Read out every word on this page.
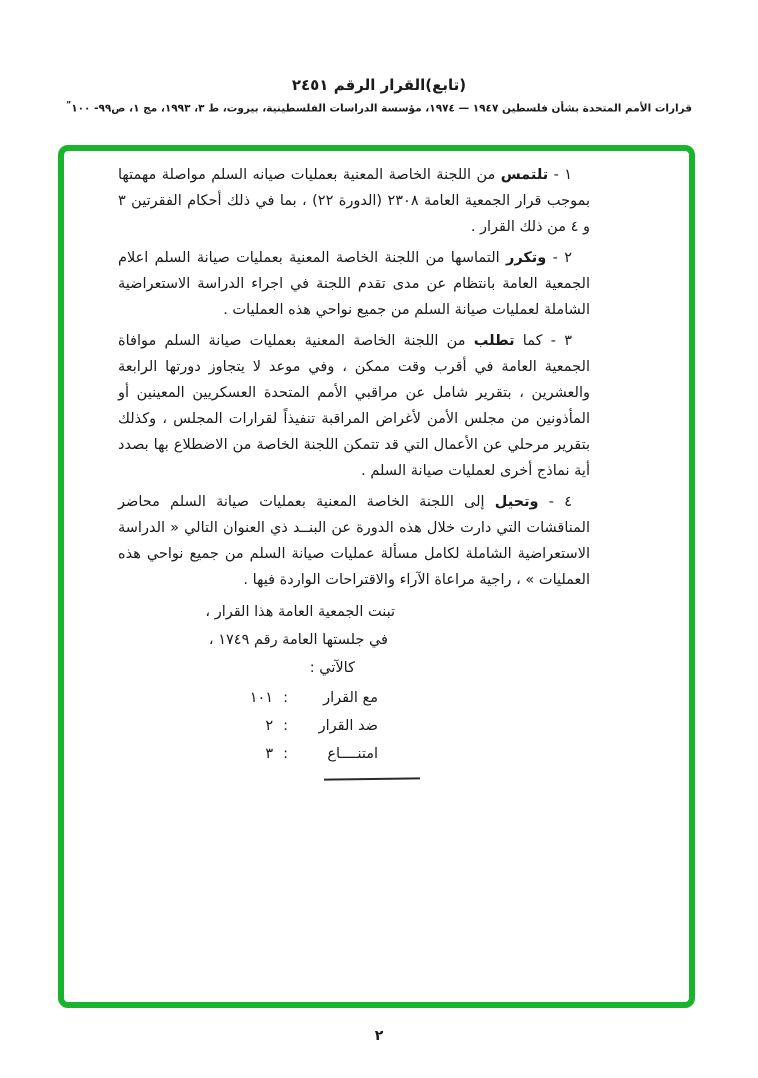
(تابع)القرار الرقم ٢٤٥١
قرارات الأمم المتحدة بشأن فلسطين ١٩٤٧ — ١٩٧٤، مؤسسة الدراسات الفلسطينية، بيروت، ط ٣، ١٩٩٣، مج ١، ص٩٩- ١٠٠”

١ - تلتمس من اللجنة الخاصة المعنية بعمليات صيانه السلم مواصلة مهمتها بموجب قرار الجمعية العامة ٢٣٠٨ (الدورة ٢٢) ، بما في ذلك أحكام الفقرتين ٣ و ٤ من ذلك القرار .

٢ - وتكرر التماسها من اللجنة الخاصة المعنية بعمليات صيانة السلم اعلام الجمعية العامة بانتظام عن مدى تقدم اللجنة في اجراء الدراسة الاستعراضية الشاملة لعمليات صيانة السلم من جميع نواحي هذه العمليات .

٣ - كما تطلب من اللجنة الخاصة المعنية بعمليات صيانة السلم موافاة الجمعية العامة في أقرب وقت ممكن ، وفي موعد لا يتجاوز دورتها الرابعة والعشرين ، بتقرير شامل عن مراقبي الأمم المتحدة العسكريين المعينين أو المأذونين من مجلس الأمن لأغراض المراقبة تنفيذاً لقرارات المجلس ، وكذلك بتقرير مرحلي عن الأعمال التي قد تتمكن اللجنة الخاصة من الاضطلاع بها بصدد أية نماذج أخرى لعمليات صيانة السلم .

٤ - وتحيل إلى اللجنة الخاصة المعنية بعمليات صيانة السلم محاضر المناقشات التي دارت خلال هذه الدورة عن البنــد ذي العنوان التالي « الدراسة الاستعراضية الشاملة لكامل مسألة عمليات صيانة السلم من جميع نواحي هذه العمليات » ، راجية مراعاة الآراء والاقتراحات الواردة فيها .

تبنت الجمعية العامة هذا القرار ،
في جلستها العامة رقم ١٧٤٩ ،
كالآتي :
مع القرار
:
١٠١
ضد القرار
:
٢
امتنــــاع
:
٣
٢
